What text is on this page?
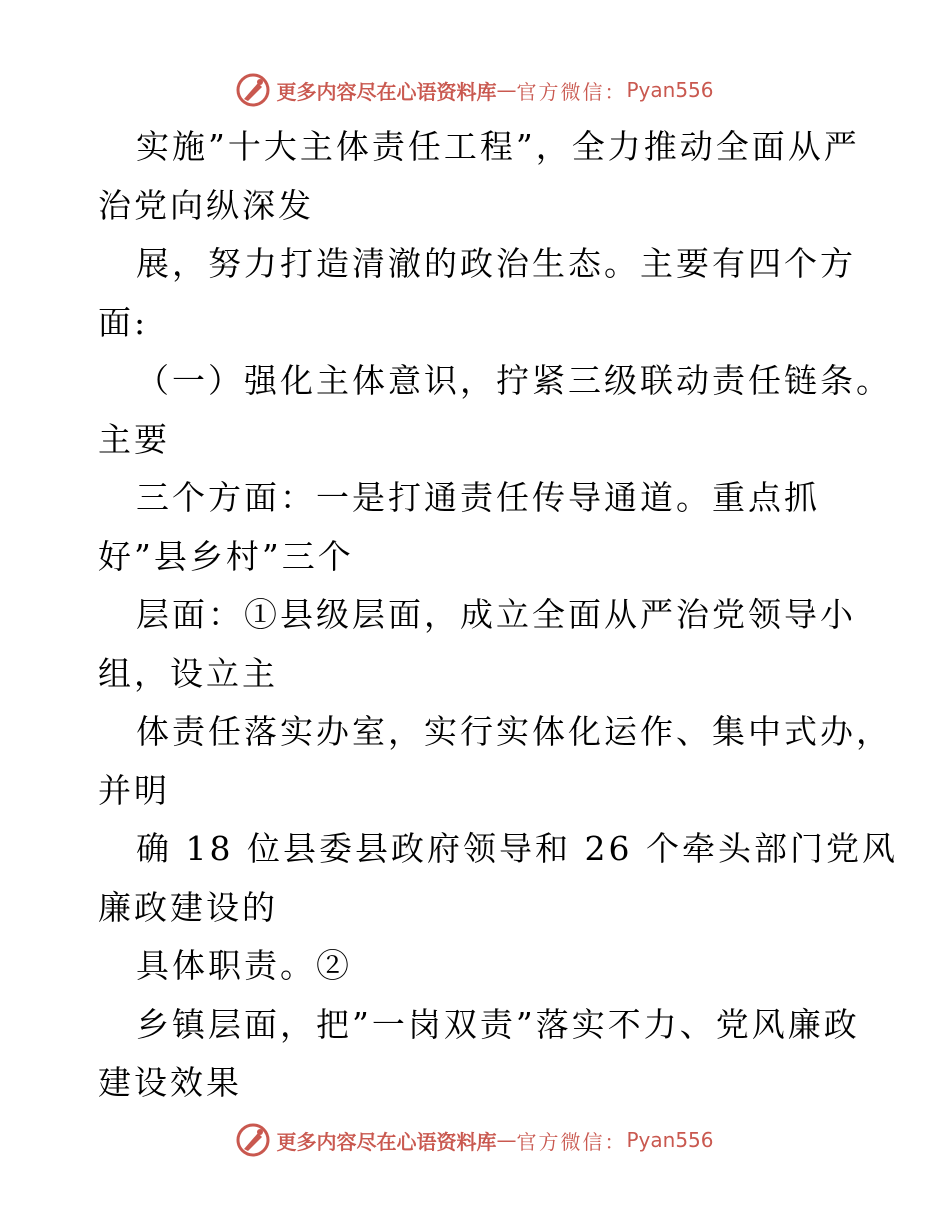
更多内容尽在心语资料库 — 官方微信： Pyan556
实施”十大主体责任工程”，全力推动全面从严
治党向纵深发
展，努力打造清澈的政治生态。主要有四个方
面:
（一）强化主体意识，拧紧三级联动责任链条。
主要
三个方面：一是打通责任传导通道。重点抓
好”县乡村”三个
层面：①县级层面，成立全面从严治党领导小
组，设立主
体责任落实办室，实行实体化运作、集中式办，
并明
确 18 位县委县政府领导和 26 个牵头部门党风
廉政建设的
具体职责。②
乡镇层面，把”一岗双责”落实不力、党风廉政
建设效果
更多内容尽在心语资料库 — 官方微信： Pyan556
